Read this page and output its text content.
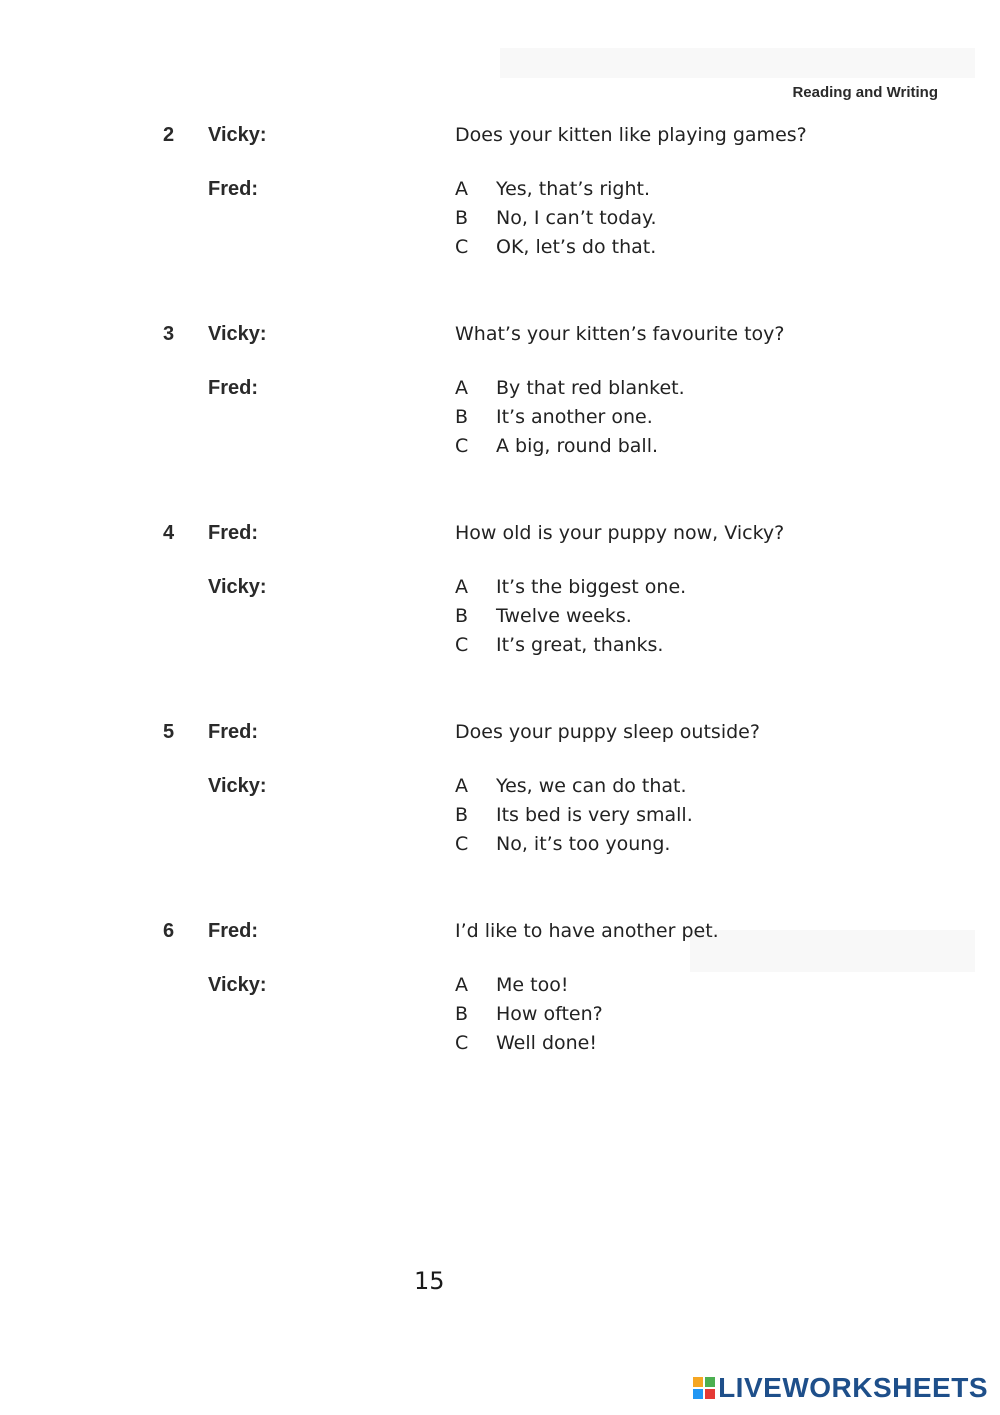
Reading and Writing
2 Vicky:	Does your kitten like playing games?
Fred:	A Yes, that’s right.
B No, I can’t today.
C OK, let’s do that.
3 Vicky:	What’s your kitten’s favourite toy?
Fred:	A By that red blanket.
B It’s another one.
C A big, round ball.
4 Fred:	How old is your puppy now, Vicky?
Vicky:	A It’s the biggest one.
B Twelve weeks.
C It’s great, thanks.
5 Fred:	Does your puppy sleep outside?
Vicky:	A Yes, we can do that.
B Its bed is very small.
C No, it’s too young.
6 Fred:	I’d like to have another pet.
Vicky:	A Me too!
B How often?
C Well done!
15
LIVEWORKSHEETS
